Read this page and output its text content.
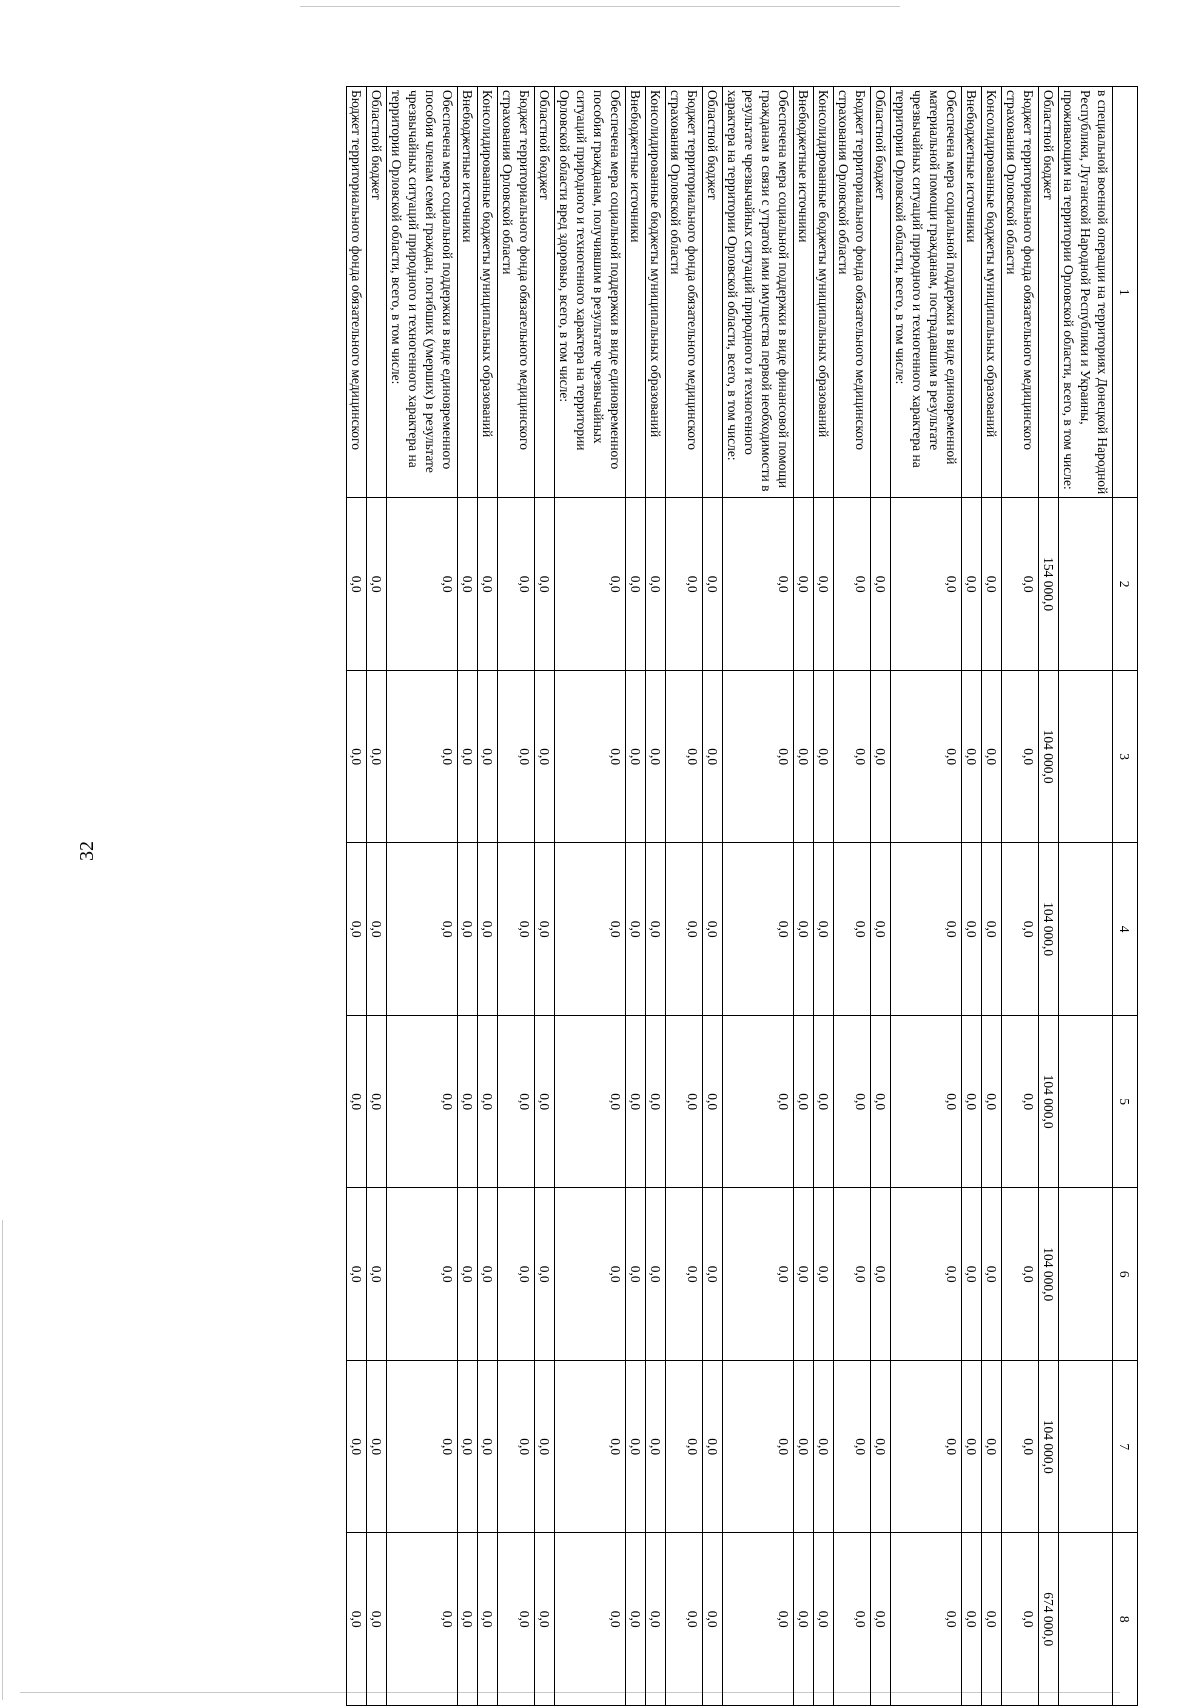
32
1	2	3	4	5	6	7	8
в специальной военной операции на территориях Донецкой Народной Республики, Луганской Народной Республики и Украины, проживающим на территории Орловской области, всего, в том числе:							
Областной бюджет	154 000,0	104 000,0	104 000,0	104 000,0	104 000,0	104 000,0	674 000,0
Бюджет территориального фонда обязательного медицинского страхования Орловской области	0,0	0,0	0,0	0,0	0,0	0,0	0,0
Консолидированные бюджеты муниципальных образований	0,0	0,0	0,0	0,0	0,0	0,0	0,0
Внебюджетные источники	0,0	0,0	0,0	0,0	0,0	0,0	0,0
Обеспечена мера социальной поддержки в виде единовременной материальной помощи гражданам, пострадавшим в результате чрезвычайных ситуаций природного и техногенного характера на территории Орловской области, всего, в том числе:	0,0	0,0	0,0	0,0	0,0	0,0	0,0
Областной бюджет	0,0	0,0	0,0	0,0	0,0	0,0	0,0
Бюджет территориального фонда обязательного медицинского страхования Орловской области	0,0	0,0	0,0	0,0	0,0	0,0	0,0
Консолидированные бюджеты муниципальных образований	0,0	0,0	0,0	0,0	0,0	0,0	0,0
Внебюджетные источники	0,0	0,0	0,0	0,0	0,0	0,0	0,0
Обеспечена мера социальной поддержки в виде финансовой помощи гражданам в связи с утратой ими имущества первой необходимости в результате чрезвычайных ситуаций природного и техногенного характера на территории Орловской области, всего, в том числе:	0,0	0,0	0,0	0,0	0,0	0,0	0,0
Областной бюджет	0,0	0,0	0,0	0,0	0,0	0,0	0,0
Бюджет территориального фонда обязательного медицинского страхования Орловской области	0,0	0,0	0,0	0,0	0,0	0,0	0,0
Консолидированные бюджеты муниципальных образований	0,0	0,0	0,0	0,0	0,0	0,0	0,0
Внебюджетные источники	0,0	0,0	0,0	0,0	0,0	0,0	0,0
Обеспечена мера социальной поддержки в виде единовременного пособия гражданам, получившим в результате чрезвычайных ситуаций природного и техногенного характера на территории Орловской области вред здоровью, всего, в том числе:	0,0	0,0	0,0	0,0	0,0	0,0	0,0
Областной бюджет	0,0	0,0	0,0	0,0	0,0	0,0	0,0
Бюджет территориального фонда обязательного медицинского страхования Орловской области	0,0	0,0	0,0	0,0	0,0	0,0	0,0
Консолидированные бюджеты муниципальных образований	0,0	0,0	0,0	0,0	0,0	0,0	0,0
Внебюджетные источники	0,0	0,0	0,0	0,0	0,0	0,0	0,0
Обеспечена мера социальной поддержки в виде единовременного пособия членам семей граждан, погибших (умерших) в результате чрезвычайных ситуаций природного и техногенного характера на территории Орловской области, всего, в том числе:	0,0	0,0	0,0	0,0	0,0	0,0	0,0
Областной бюджет	0,0	0,0	0,0	0,0	0,0	0,0	0,0
Бюджет территориального фонда обязательного медицинского	0,0	0,0	0,0	0,0	0,0	0,0	0,0
